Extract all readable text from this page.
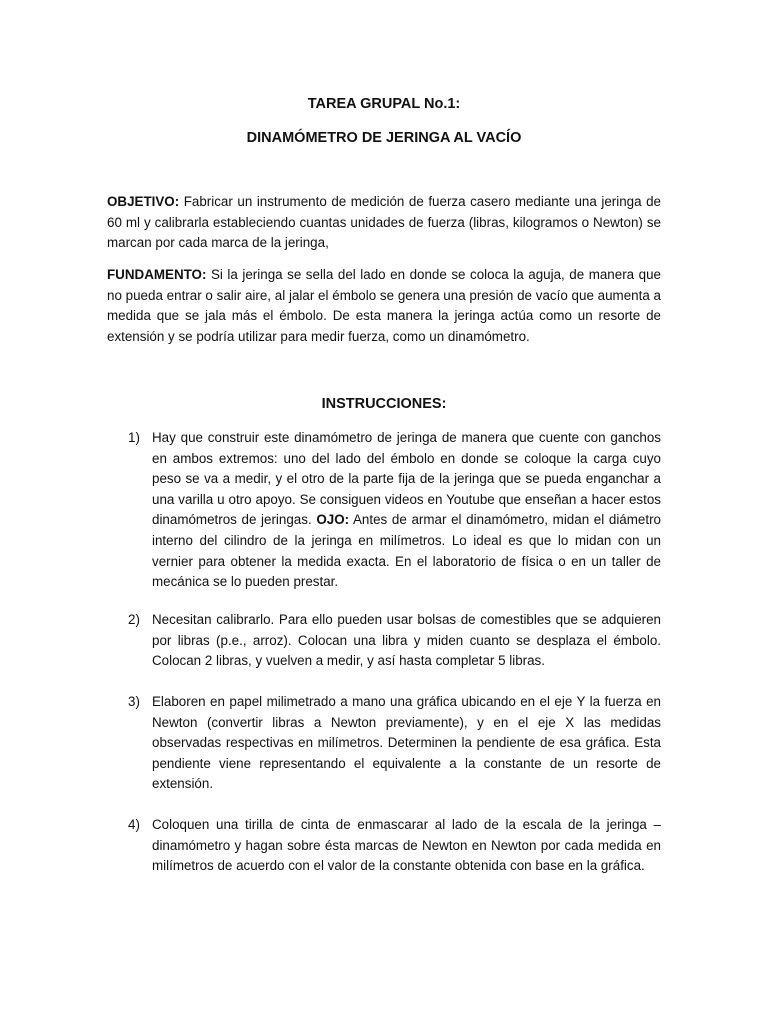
TAREA GRUPAL No.1:

DINAMÓMETRO DE JERINGA AL VACÍO

OBJETIVO: Fabricar un instrumento de medición de fuerza casero mediante una jeringa de 60 ml y calibrarla estableciendo cuantas unidades de fuerza (libras, kilogramos o Newton) se marcan por cada marca de la jeringa,

FUNDAMENTO: Si la jeringa se sella del lado en donde se coloca la aguja, de manera que no pueda entrar o salir aire, al jalar el émbolo se genera una presión de vacío que aumenta a medida que se jala más el émbolo. De esta manera la jeringa actúa como un resorte de extensión y se podría utilizar para medir fuerza, como un dinamómetro.

INSTRUCCIONES:

1) Hay que construir este dinamómetro de jeringa de manera que cuente con ganchos en ambos extremos: uno del lado del émbolo en donde se coloque la carga cuyo peso se va a medir, y el otro de la parte fija de la jeringa que se pueda enganchar a una varilla u otro apoyo. Se consiguen videos en Youtube que enseñan a hacer estos dinamómetros de jeringas. OJO: Antes de armar el dinamómetro, midan el diámetro interno del cilindro de la jeringa en milímetros. Lo ideal es que lo midan con un vernier para obtener la medida exacta. En el laboratorio de física o en un taller de mecánica se lo pueden prestar.
2) Necesitan calibrarlo. Para ello pueden usar bolsas de comestibles que se adquieren por libras (p.e., arroz). Colocan una libra y miden cuanto se desplaza el émbolo. Colocan 2 libras, y vuelven a medir, y así hasta completar 5 libras.
3) Elaboren en papel milimetrado a mano una gráfica ubicando en el eje Y la fuerza en Newton (convertir libras a Newton previamente), y en el eje X las medidas observadas respectivas en milímetros. Determinen la pendiente de esa gráfica. Esta pendiente viene representando el equivalente a la constante de un resorte de extensión.
4) Coloquen una tirilla de cinta de enmascarar al lado de la escala de la jeringa – dinamómetro y hagan sobre ésta marcas de Newton en Newton por cada medida en milímetros de acuerdo con el valor de la constante obtenida con base en la gráfica.
